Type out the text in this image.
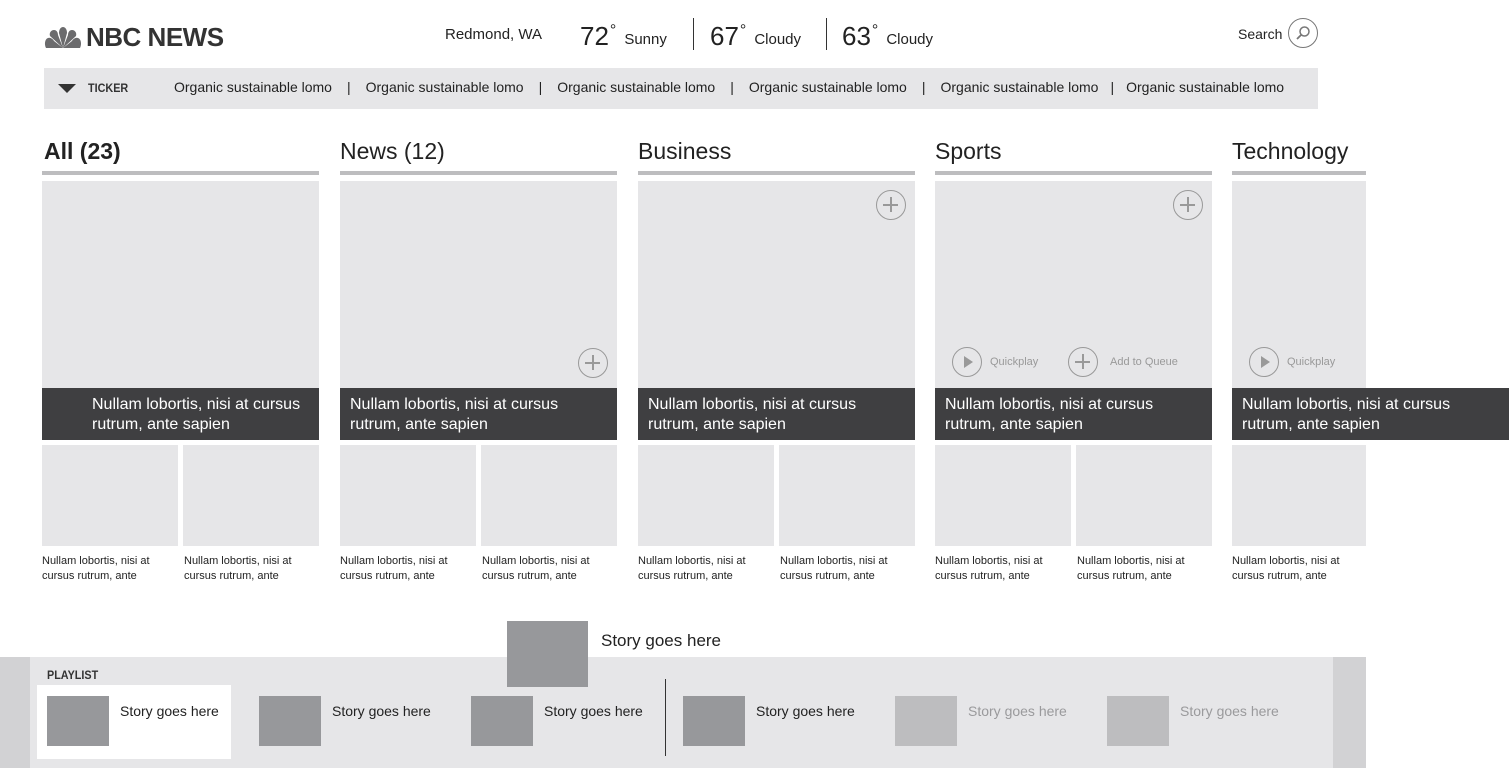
NBC NEWS	Redmond, WA 72°
Sunny 67°
Cloudy 63°
Cloudy	Search
TICKER	Organic sustainable lomo | Organic sustainable lomo | Organic sustainable lomo | Organic sustainable lomo | Organic sustainable lomo | Organic sustainable lomo
All (23)
Nullam lobortis, nisi at cursus rutrum, ante sapien
Nullam lobortis, nisi at cursus rutrum, ante
Nullam lobortis, nisi at cursus rutrum, ante
News (12)
Nullam lobortis, nisi at cursus rutrum, ante sapien
Nullam lobortis, nisi at cursus rutrum, ante
Nullam lobortis, nisi at cursus rutrum, ante
Business
Nullam lobortis, nisi at cursus rutrum, ante sapien
Nullam lobortis, nisi at cursus rutrum, ante
Nullam lobortis, nisi at cursus rutrum, ante
Sports
Quickplay	Add to Queue
Nullam lobortis, nisi at cursus rutrum, ante sapien
Nullam lobortis, nisi at cursus rutrum, ante
Nullam lobortis, nisi at cursus rutrum, ante
Technology
Quickplay
Nullam lobortis, nisi at cursus rutrum, ante sapien
Nullam lobortis, nisi at cursus rutrum, ante
PLAYLIST
Story goes here	Story goes here	Story goes here	Story goes here	Story goes here	Story goes here
Story goes here
